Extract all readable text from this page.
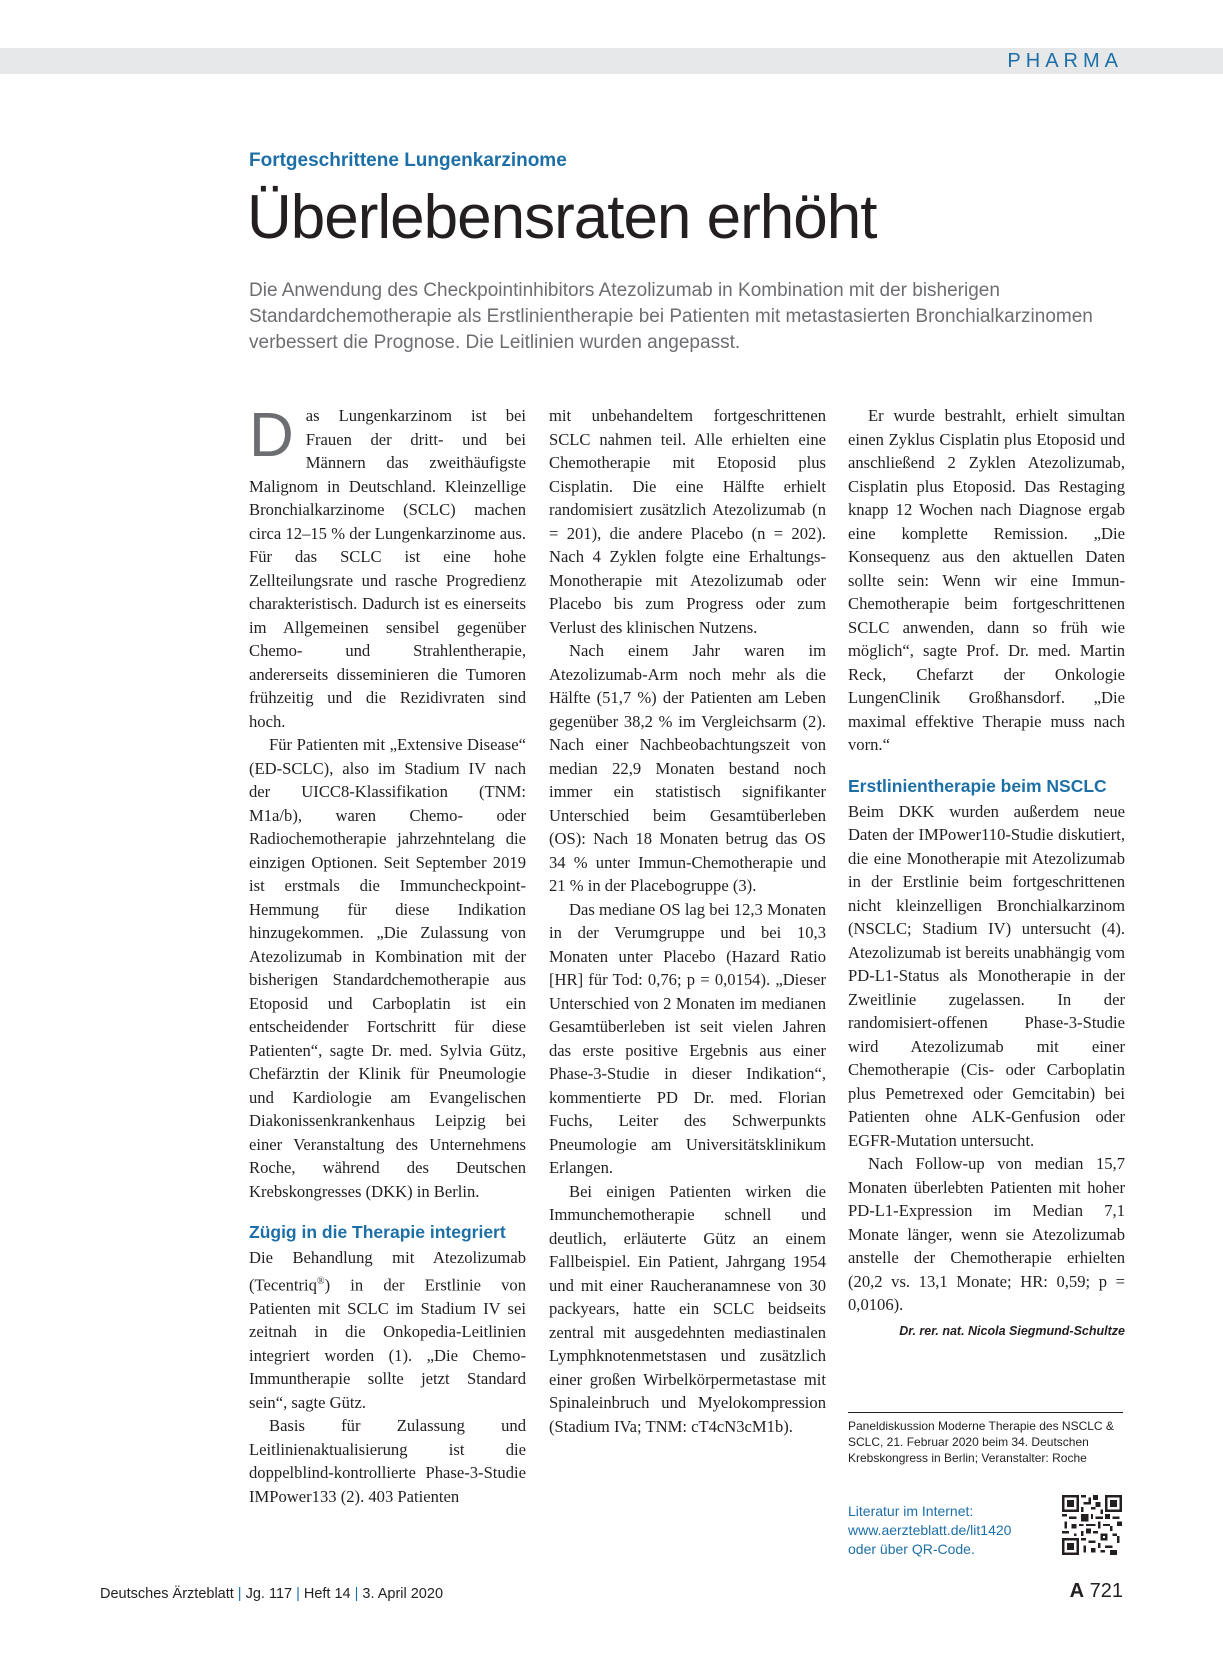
PHARMA
Fortgeschrittene Lungenkarzinome
Überlebensraten erhöht
Die Anwendung des Checkpointinhibitors Atezolizumab in Kombination mit der bisherigen Standardchemotherapie als Erstlinientherapie bei Patienten mit metastasierten Bronchialkarzinomen verbessert die Prognose. Die Leitlinien wurden angepasst.

Das Lungenkarzinom ist bei Frauen der dritt- und bei Männern das zweithäufigste Malignom in Deutschland. Kleinzellige Bronchialkarzinome (SCLC) machen circa 12–15 % der Lungenkarzinome aus. Für das SCLC ist eine hohe Zellteilungsrate und rasche Progredienz charakteristisch. Dadurch ist es einerseits im Allgemeinen sensibel gegenüber Chemo- und Strahlentherapie, andererseits disseminieren die Tumoren frühzeitig und die Rezidivraten sind hoch.

Für Patienten mit „Extensive Disease“ (ED-SCLC), also im Stadium IV nach der UICC8-Klassifikation (TNM: M1a/b), waren Chemo- oder Radiochemotherapie jahrzehntelang die einzigen Optionen. Seit September 2019 ist erstmals die Immuncheckpoint-Hemmung für diese Indikation hinzugekommen. „Die Zulassung von Atezolizumab in Kombination mit der bisherigen Standardchemotherapie aus Etoposid und Carboplatin ist ein entscheidender Fortschritt für diese Patienten“, sagte Dr. med. Sylvia Gütz, Chefärztin der Klinik für Pneumologie und Kardiologie am Evangelischen Diakonissenkrankenhaus Leipzig bei einer Veranstaltung des Unternehmens Roche, während des Deutschen Krebskongresses (DKK) in Berlin.

Zügig in die Therapie integriert

Die Behandlung mit Atezolizumab (Tecentriq®) in der Erstlinie von Patienten mit SCLC im Stadium IV sei zeitnah in die Onkopedia-Leitlinien integriert worden (1). „Die Chemo-Immuntherapie sollte jetzt Standard sein“, sagte Gütz.

Basis für Zulassung und Leitlinienaktualisierung ist die doppelblind-kontrollierte Phase-3-Studie IMPower133 (2). 403 Patienten

mit unbehandeltem fortgeschrittenen SCLC nahmen teil. Alle erhielten eine Chemotherapie mit Etoposid plus Cisplatin. Die eine Hälfte erhielt randomisiert zusätzlich Atezolizumab (n = 201), die andere Placebo (n = 202). Nach 4 Zyklen folgte eine Erhaltungs-Monotherapie mit Atezolizumab oder Placebo bis zum Progress oder zum Verlust des klinischen Nutzens.

Nach einem Jahr waren im Atezolizumab-Arm noch mehr als die Hälfte (51,7 %) der Patienten am Leben gegenüber 38,2 % im Vergleichsarm (2). Nach einer Nachbeobachtungszeit von median 22,9 Monaten bestand noch immer ein statistisch signifikanter Unterschied beim Gesamtüberleben (OS): Nach 18 Monaten betrug das OS 34 % unter Immun-Chemotherapie und 21 % in der Placebogruppe (3).

Das mediane OS lag bei 12,3 Monaten in der Verumgruppe und bei 10,3 Monaten unter Placebo (Hazard Ratio [HR] für Tod: 0,76; p = 0,0154). „Dieser Unterschied von 2 Monaten im medianen Gesamtüberleben ist seit vielen Jahren das erste positive Ergebnis aus einer Phase-3-Studie in dieser Indikation“, kommentierte PD Dr. med. Florian Fuchs, Leiter des Schwerpunkts Pneumologie am Universitätsklinikum Erlangen.

Bei einigen Patienten wirken die Immunchemotherapie schnell und deutlich, erläuterte Gütz an einem Fallbeispiel. Ein Patient, Jahrgang 1954 und mit einer Raucheranamnese von 30 packyears, hatte ein SCLC beidseits zentral mit ausgedehnten mediastinalen Lymphknotenmetstasen und zusätzlich einer großen Wirbelkörpermetastase mit Spinaleinbruch und Myelokompression (Stadium IVa; TNM: cT4cN3cM1b).

Er wurde bestrahlt, erhielt simultan einen Zyklus Cisplatin plus Etoposid und anschließend 2 Zyklen Atezolizumab, Cisplatin plus Etoposid. Das Restaging knapp 12 Wochen nach Diagnose ergab eine komplette Remission. „Die Konsequenz aus den aktuellen Daten sollte sein: Wenn wir eine Immun-Chemotherapie beim fortgeschrittenen SCLC anwenden, dann so früh wie möglich“, sagte Prof. Dr. med. Martin Reck, Chefarzt der Onkologie LungenClinik Großhansdorf. „Die maximal effektive Therapie muss nach vorn.“

Erstlinientherapie beim NSCLC

Beim DKK wurden außerdem neue Daten der IMPower110-Studie diskutiert, die eine Monotherapie mit Atezolizumab in der Erstlinie beim fortgeschrittenen nicht kleinzelligen Bronchialkarzinom (NSCLC; Stadium IV) untersucht (4). Atezolizumab ist bereits unabhängig vom PD-L1-Status als Monotherapie in der Zweitlinie zugelassen. In der randomisiert-offenen Phase-3-Studie wird Atezolizumab mit einer Chemotherapie (Cis- oder Carboplatin plus Pemetrexed oder Gemcitabin) bei Patienten ohne ALK-Genfusion oder EGFR-Mutation untersucht.

Nach Follow-up von median 15,7 Monaten überlebten Patienten mit hoher PD-L1-Expression im Median 7,1 Monate länger, wenn sie Atezolizumab anstelle der Chemotherapie erhielten (20,2 vs. 13,1 Monate; HR: 0,59; p = 0,0106).

Dr. rer. nat. Nicola Siegmund-Schultze
Paneldiskussion Moderne Therapie des NSCLC & SCLC, 21. Februar 2020 beim 34. Deutschen Krebskongress in Berlin; Veranstalter: Roche
Literatur im Internet:
www.aerzteblatt.de/lit1420
oder über QR-Code.
Deutsches Ärzteblatt | Jg. 117 | Heft 14 | 3. April 2020	A 721
